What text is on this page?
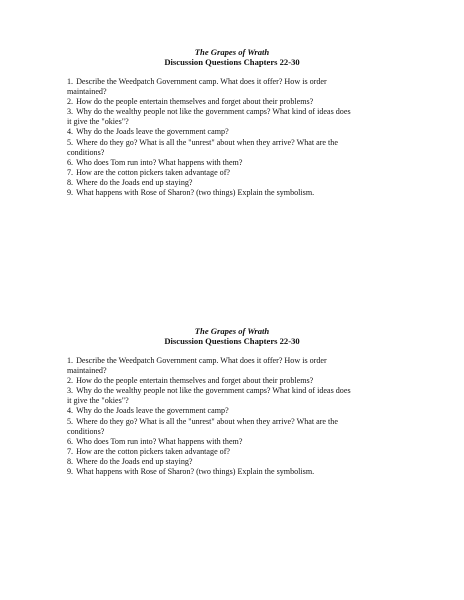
The Grapes of Wrath
Discussion Questions Chapters 22-30
1. Describe the Weedpatch Government camp. What does it offer? How is order
maintained?
2. How do the people entertain themselves and forget about their problems?
3. Why do the wealthy people not like the government camps? What kind of ideas does
it give the "okies"?
4. Why do the Joads leave the government camp?
5. Where do they go? What is all the "unrest" about when they arrive? What are the
conditions?
6. Who does Tom run into? What happens with them?
7. How are the cotton pickers taken advantage of?
8. Where do the Joads end up staying?
9. What happens with Rose of Sharon? (two things) Explain the symbolism.
The Grapes of Wrath
Discussion Questions Chapters 22-30
1. Describe the Weedpatch Government camp. What does it offer? How is order
maintained?
2. How do the people entertain themselves and forget about their problems?
3. Why do the wealthy people not like the government camps? What kind of ideas does
it give the "okies"?
4. Why do the Joads leave the government camp?
5. Where do they go? What is all the "unrest" about when they arrive? What are the
conditions?
6. Who does Tom run into? What happens with them?
7. How are the cotton pickers taken advantage of?
8. Where do the Joads end up staying?
9. What happens with Rose of Sharon? (two things) Explain the symbolism.
